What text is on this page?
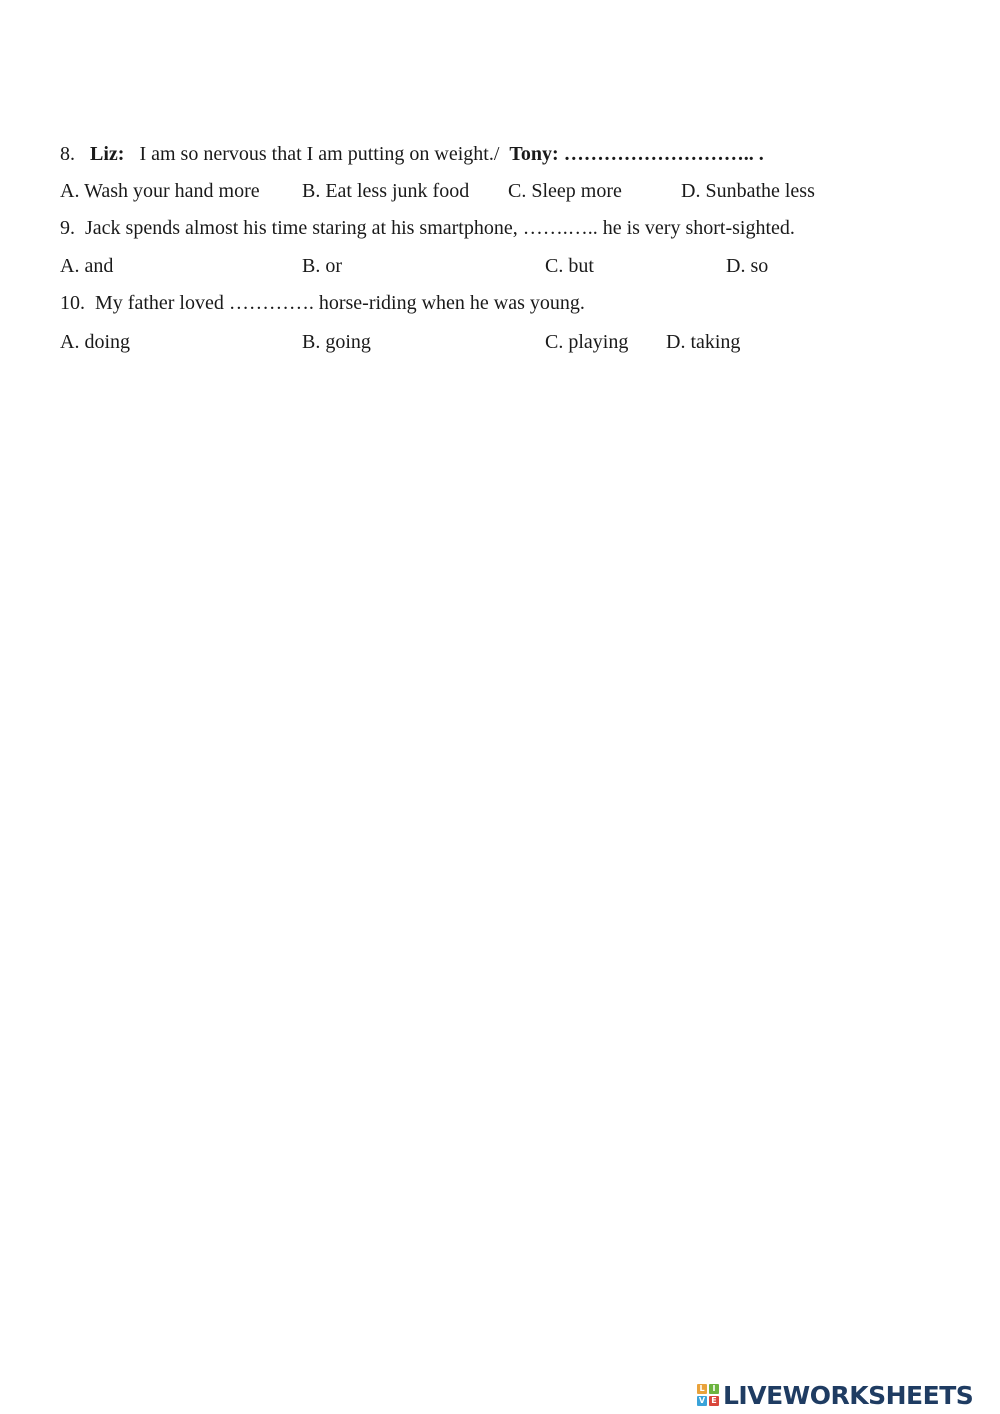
8. Liz: I am so nervous that I am putting on weight./ Tony: ……………………….. .
A. Wash your hand more B. Eat less junk food C. Sleep more	D. Sunbathe less
9. Jack spends almost his time staring at his smartphone, …….….. he is very short-sighted.
A. and	B. or	C. but	D. so
10. My father loved …………. horse-riding when he was young.
A. doing	B. going	C. playing D. taking
L I
V E LIVEWORKSHEETS
